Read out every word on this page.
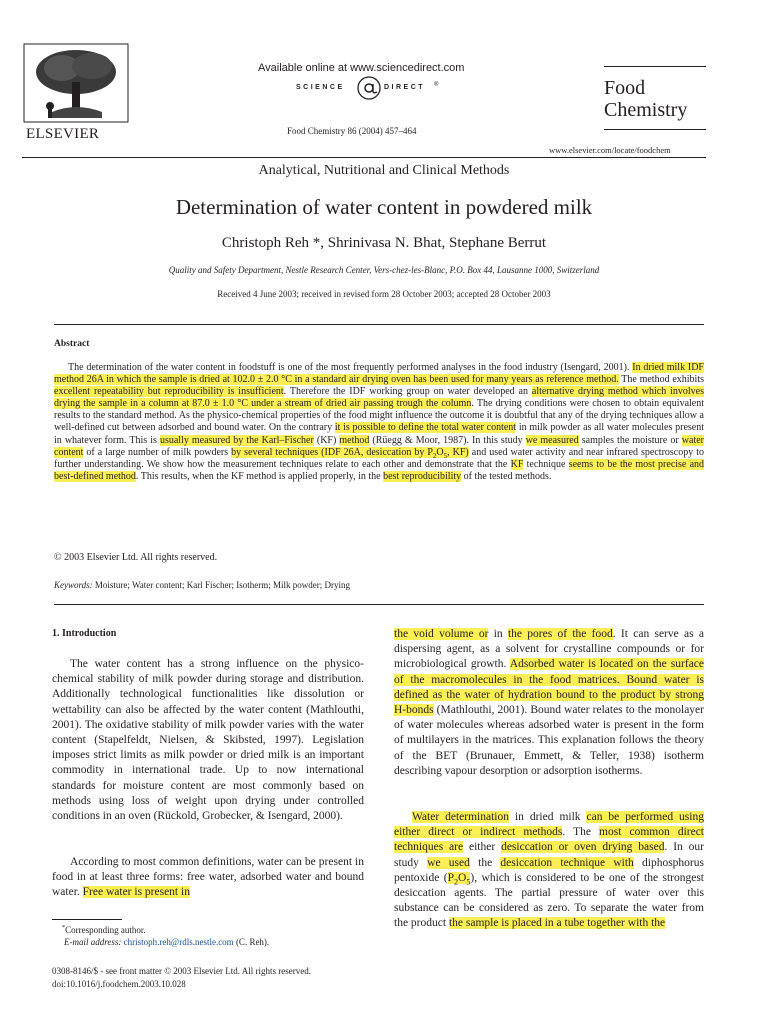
ELSEVIER
Available online at www.sciencedirect.com
SCIENCE	DIRECT ®
Food Chemistry 86 (2004) 457–464
Food
Chemistry
www.elsevier.com/locate/foodchem
Analytical, Nutritional and Clinical Methods
Determination of water content in powdered milk
Christoph Reh *, Shrinivasa N. Bhat, Stephane Berrut
Quality and Safety Department, Nestle Research Center, Vers-chez-les-Blanc, P.O. Box 44, Lausanne 1000, Switzerland
Received 4 June 2003; received in revised form 28 October 2003; accepted 28 October 2003
Abstract
The determination of the water content in foodstuff is one of the most frequently performed analyses in the food industry (Isengard, 2001). In dried milk IDF method 26A in which the sample is dried at 102.0 ± 2.0 °C in a standard air drying oven has been used for many years as reference method. The method exhibits excellent repeatability but reproducibility is insufficient. Therefore the IDF working group on water developed an alternative drying method which involves drying the sample in a column at 87.0 ± 1.0 °C under a stream of dried air passing trough the column. The drying conditions were chosen to obtain equivalent results to the standard method. As the physico-chemical properties of the food might influence the outcome it is doubtful that any of the drying techniques allow a well-defined cut between adsorbed and bound water. On the contrary it is possible to define the total water content in milk powder as all water molecules present in whatever form. This is usually measured by the Karl–Fischer (KF) method (Rüegg & Moor, 1987). In this study we measured samples the moisture or water content of a large number of milk powders by several techniques (IDF 26A, desiccation by $P_2O_5$, KF) and used water activity and near infrared spectroscopy to further understanding. We show how the measurement techniques relate to each other and demonstrate that the KF technique seems to be the most precise and best-defined method. This results, when the KF method is applied properly, in the best reproducibility of the tested methods.
© 2003 Elsevier Ltd. All rights reserved.
Keywords: Moisture; Water content; Karl Fischer; Isotherm; Milk powder; Drying
1. Introduction
The water content has a strong influence on the physico-chemical stability of milk powder during storage and distribution. Additionally technological functionalities like dissolution or wettability can also be affected by the water content (Mathlouthi, 2001). The oxidative stability of milk powder varies with the water content (Stapelfeldt, Nielsen, & Skibsted, 1997). Legislation imposes strict limits as milk powder or dried milk is an important commodity in international trade. Up to now international standards for moisture content are most commonly based on methods using loss of weight upon drying under controlled conditions in an oven (Rückold, Grobecker, & Isengard, 2000).
According to most common definitions, water can be present in food in at least three forms: free water, adsorbed water and bound water. Free water is present in
*Corresponding author.
E-mail address: christoph.reh@rdls.nestle.com (C. Reh).
0308-8146/$ - see front matter © 2003 Elsevier Ltd. All rights reserved.
doi:10.1016/j.foodchem.2003.10.028
the void volume or in the pores of the food. It can serve as a dispersing agent, as a solvent for crystalline compounds or for microbiological growth. Adsorbed water is located on the surface of the macromolecules in the food matrices. Bound water is defined as the water of hydration bound to the product by strong H-bonds (Mathlouthi, 2001). Bound water relates to the monolayer of water molecules whereas adsorbed water is present in the form of multilayers in the matrices. This explanation follows the theory of the BET (Brunauer, Emmett, & Teller, 1938) isotherm describing vapour desorption or adsorption isotherms.
Water determination in dried milk can be performed using either direct or indirect methods. The most common direct techniques are either desiccation or oven drying based. In our study we used the desiccation technique with diphosphorus pentoxide $(P_2O_5)$, which is considered to be one of the strongest desiccation agents. The partial pressure of water over this substance can be considered as zero. To separate the water from the product the sample is placed in a tube together with the
